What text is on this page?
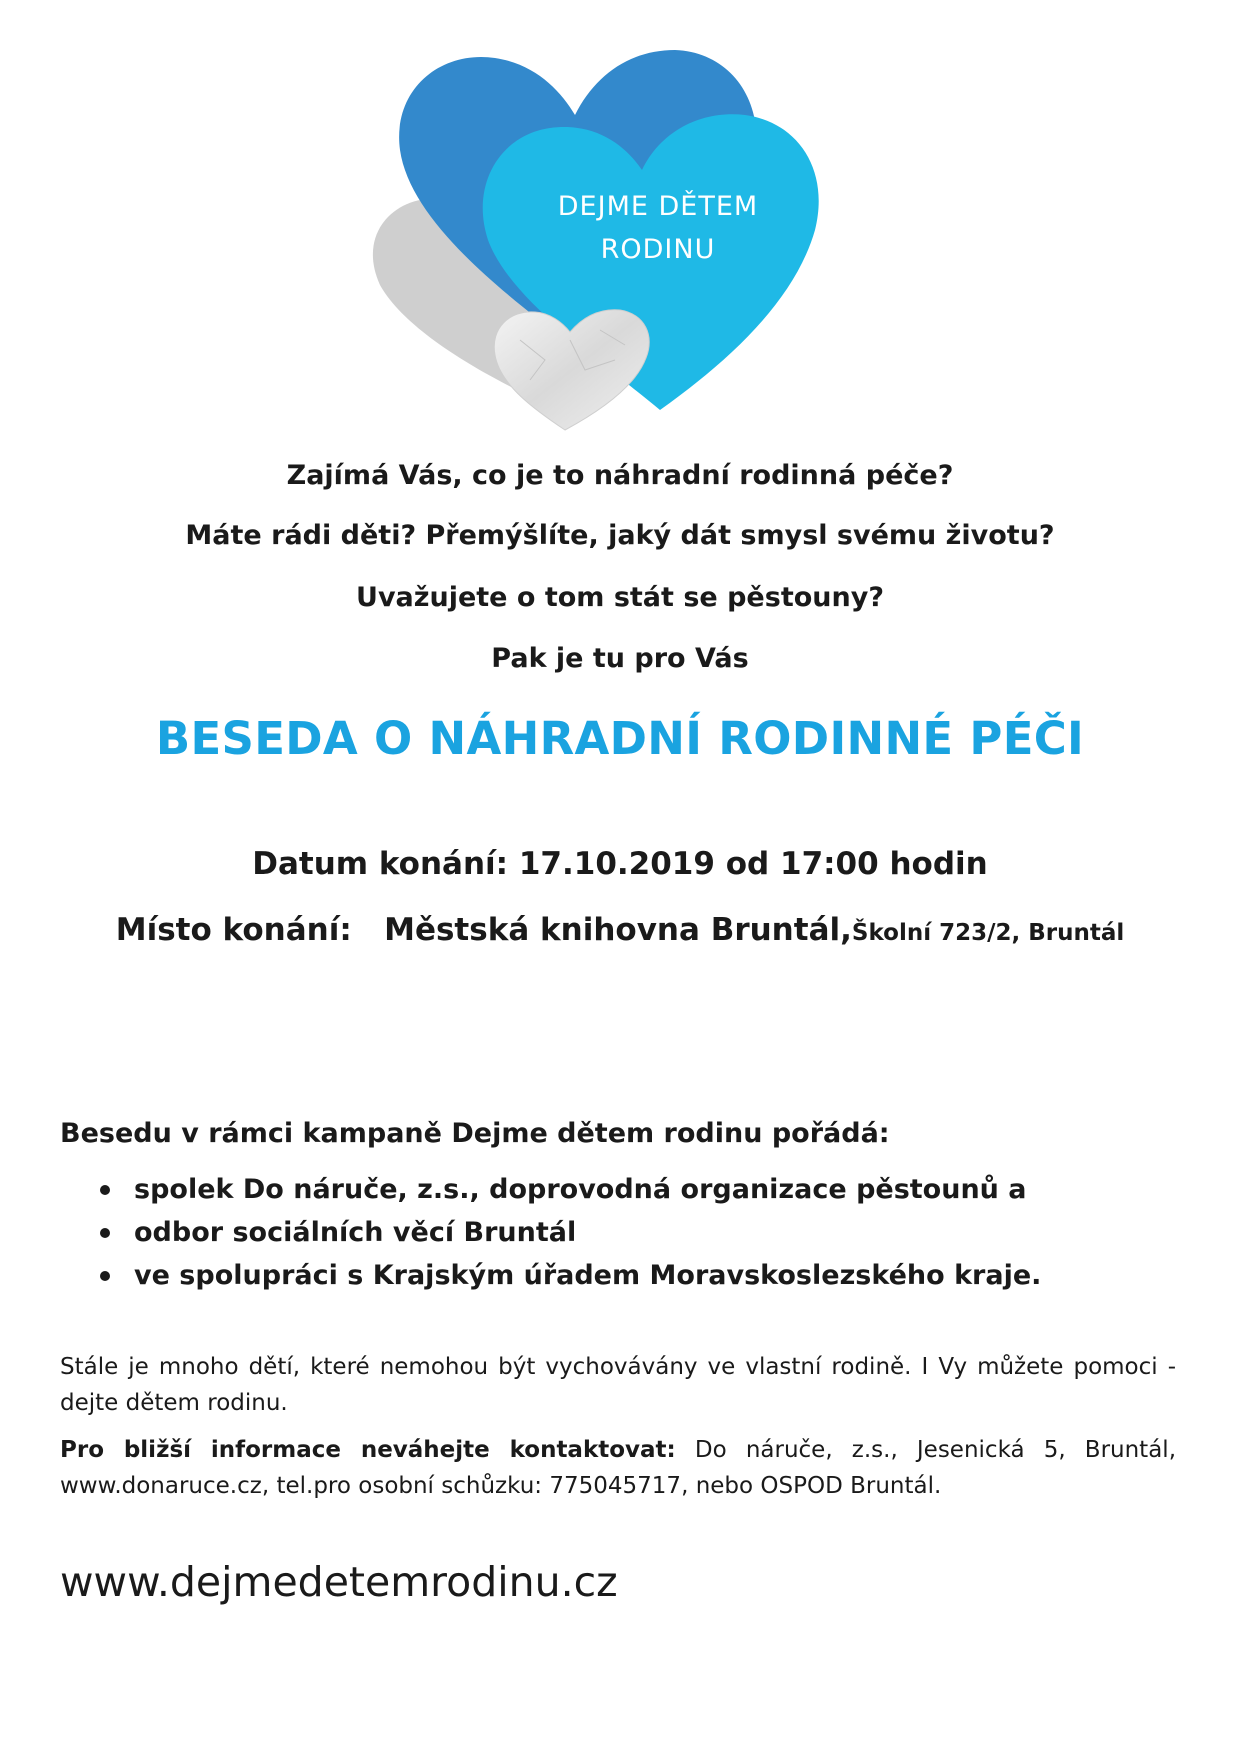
DEJME DĚTEM
RODINU
Zajímá Vás, co je to náhradní rodinná péče?
Máte rádi děti? Přemýšlíte, jaký dát smysl svému životu?
Uvažujete o tom stát se pěstouny?
Pak je tu pro Vás
BESEDA O NÁHRADNÍ RODINNÉ PÉČI
Datum konání: 17.10.2019 od 17:00 hodin
Místo konání: Městská knihovna Bruntál,Školní 723/2, Bruntál
Besedu v rámci kampaně Dejme dětem rodinu pořádá:
spolek Do náruče, z.s., doprovodná organizace pěstounů a
odbor sociálních věcí Bruntál
ve spolupráci s Krajským úřadem Moravskoslezského kraje.
Stále je mnoho dětí, které nemohou být vychovávány ve vlastní rodině. I Vy můžete pomoci - dejte dětem rodinu.
Pro bližší informace neváhejte kontaktovat: Do náruče, z.s., Jesenická 5, Bruntál, www.donaruce.cz, tel.pro osobní schůzku: 775045717, nebo OSPOD Bruntál.
www.dejmedetemrodinu.cz
